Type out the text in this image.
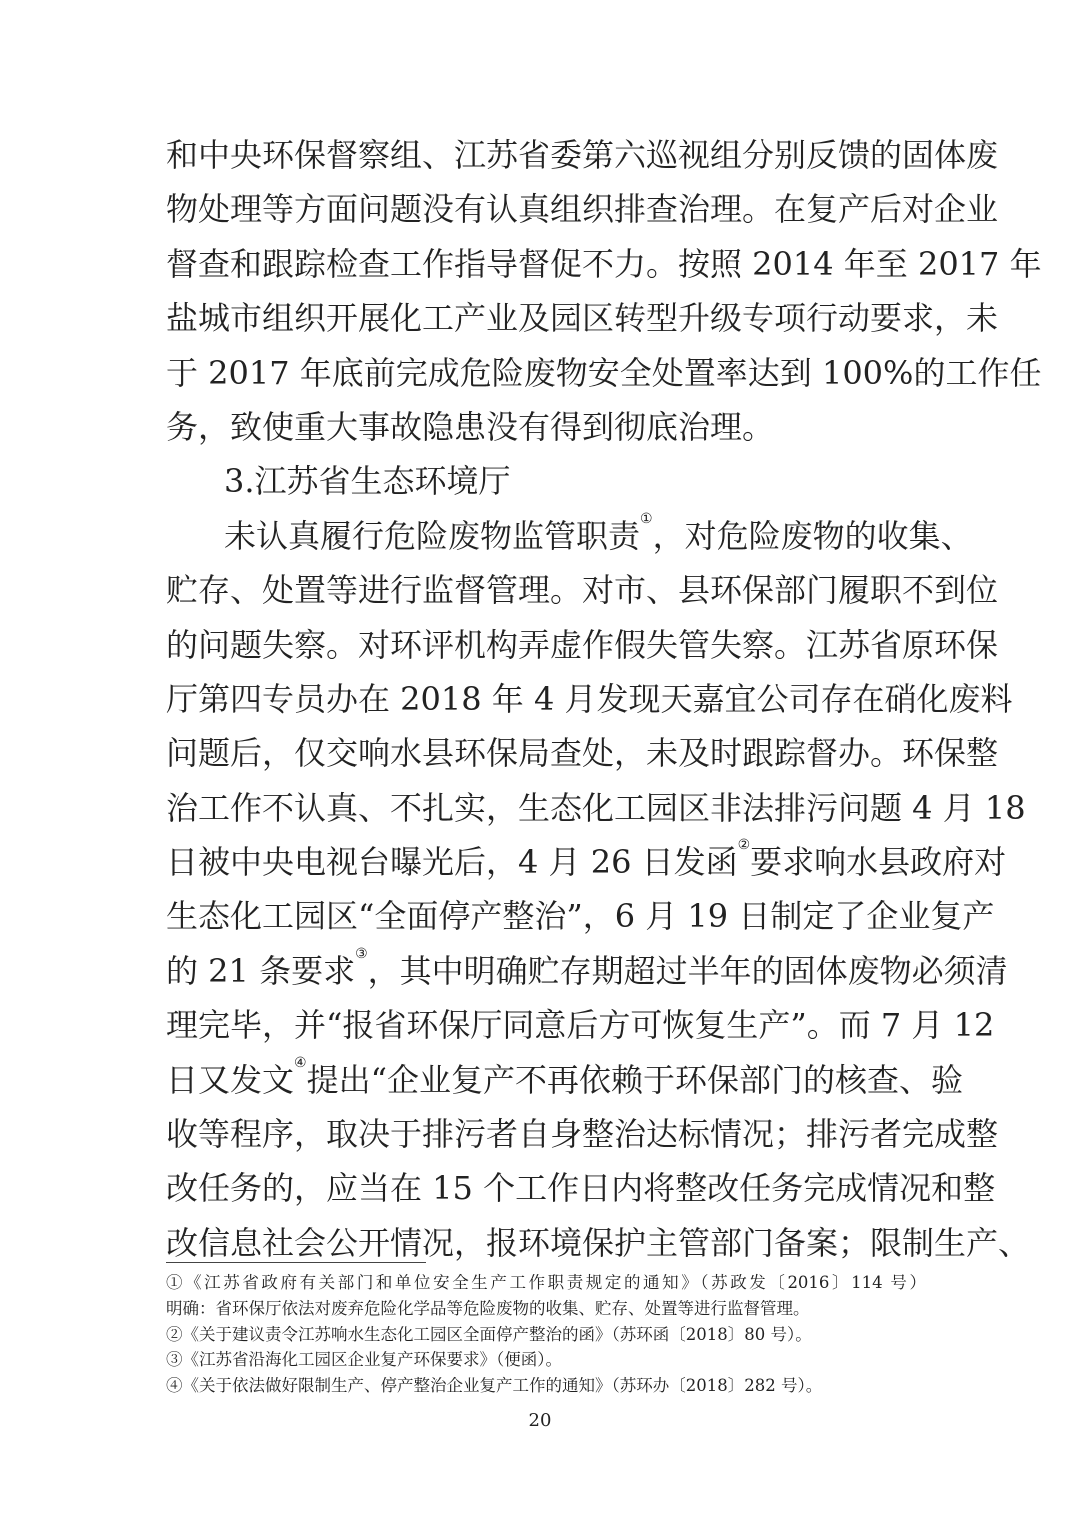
和中央环保督察组、江苏省委第六巡视组分别反馈的固体废
物处理等方面问题没有认真组织排查治理。在复产后对企业
督查和跟踪检查工作指导督促不力。按照 2014 年至 2017 年
盐城市组织开展化工产业及园区转型升级专项行动要求，未
于 2017 年底前完成危险废物安全处置率达到 100%的工作任
务，致使重大事故隐患没有得到彻底治理。
3.江苏省生态环境厅
未认真履行危险废物监管职责①，对危险废物的收集、
贮存、处置等进行监督管理。对市、县环保部门履职不到位
的问题失察。对环评机构弄虚作假失管失察。江苏省原环保
厅第四专员办在 2018 年 4 月发现天嘉宜公司存在硝化废料
问题后，仅交响水县环保局查处，未及时跟踪督办。环保整
治工作不认真、不扎实，生态化工园区非法排污问题 4 月 18
日被中央电视台曝光后，4 月 26 日发函②要求响水县政府对
生态化工园区“全面停产整治”，6 月 19 日制定了企业复产
的 21 条要求③，其中明确贮存期超过半年的固体废物必须清
理完毕，并“报省环保厅同意后方可恢复生产”。而 7 月 12
日又发文④提出“企业复产不再依赖于环保部门的核查、验
收等程序，取决于排污者自身整治达标情况；排污者完成整
改任务的，应当在 15 个工作日内将整改任务完成情况和整
改信息社会公开情况，报环境保护主管部门备案；限制生产、
①《江苏省政府有关部门和单位安全生产工作职责规定的通知》（苏政发〔2016〕114 号）
明确：省环保厅依法对废弃危险化学品等危险废物的收集、贮存、处置等进行监督管理。
②《关于建议责令江苏响水生态化工园区全面停产整治的函》（苏环函〔2018〕80 号）。
③《江苏省沿海化工园区企业复产环保要求》（便函）。
④《关于依法做好限制生产、停产整治企业复产工作的通知》（苏环办〔2018〕282 号）。
20
